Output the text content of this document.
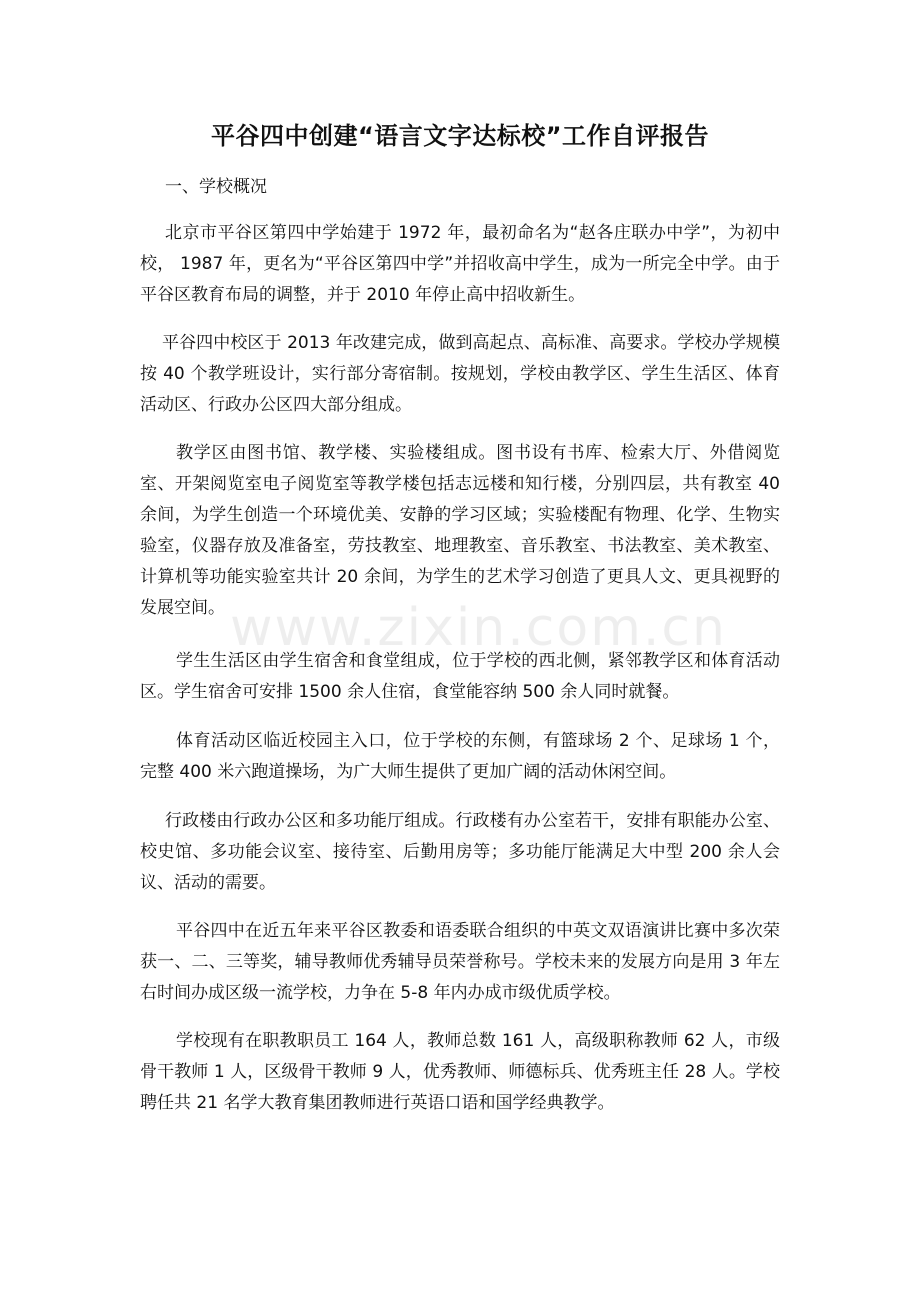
平谷四中创建“语言文字达标校”工作自评报告

一、学校概况

北京市平谷区第四中学始建于 1972 年，最初命名为“赵各庄联办中学”，为初中校， 1987 年，更名为“平谷区第四中学”并招收高中学生，成为一所完全中学。由于平谷区教育布局的调整，并于 2010 年停止高中招收新生。

平谷四中校区于 2013 年改建完成，做到高起点、高标准、高要求。学校办学规模按 40 个教学班设计，实行部分寄宿制。按规划，学校由教学区、学生生活区、体育活动区、行政办公区四大部分组成。

教学区由图书馆、教学楼、实验楼组成。图书设有书库、检索大厅、外借阅览室、开架阅览室电子阅览室等教学楼包括志远楼和知行楼，分别四层，共有教室 40 余间，为学生创造一个环境优美、安静的学习区域；实验楼配有物理、化学、生物实验室，仪器存放及准备室，劳技教室、地理教室、音乐教室、书法教室、美术教室、计算机等功能实验室共计 20 余间，为学生的艺术学习创造了更具人文、更具视野的发展空间。

学生生活区由学生宿舍和食堂组成，位于学校的西北侧，紧邻教学区和体育活动区。学生宿舍可安排 1500 余人住宿，食堂能容纳 500 余人同时就餐。

体育活动区临近校园主入口，位于学校的东侧，有篮球场 2 个、足球场 1 个，完整 400 米六跑道操场，为广大师生提供了更加广阔的活动休闲空间。

行政楼由行政办公区和多功能厅组成。行政楼有办公室若干，安排有职能办公室、校史馆、多功能会议室、接待室、后勤用房等；多功能厅能满足大中型 200 余人会议、活动的需要。

平谷四中在近五年来平谷区教委和语委联合组织的中英文双语演讲比赛中多次荣获一、二、三等奖，辅导教师优秀辅导员荣誉称号。学校未来的发展方向是用 3 年左右时间办成区级一流学校，力争在 5-8 年内办成市级优质学校。

学校现有在职教职员工 164 人，教师总数 161 人，高级职称教师 62 人，市级骨干教师 1 人，区级骨干教师 9 人，优秀教师、师德标兵、优秀班主任 28 人。学校聘任共 21 名学大教育集团教师进行英语口语和国学经典教学。

www.zixin.com.cn
